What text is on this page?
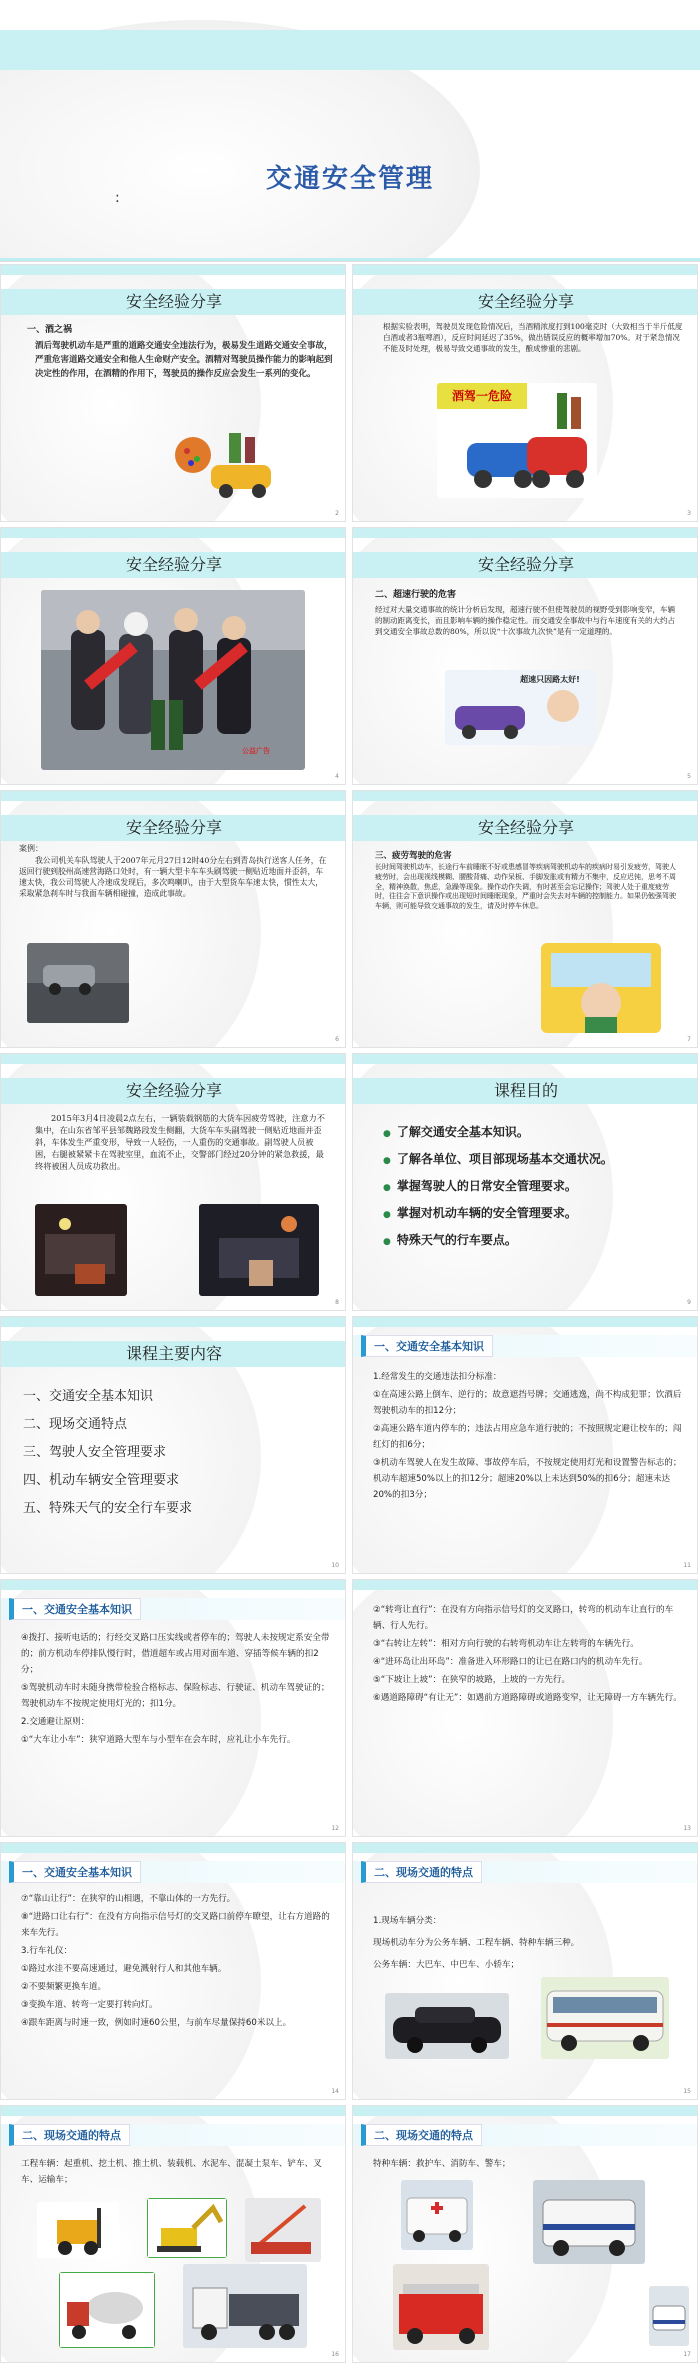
交通安全管理
:
安全经验分享
一、酒之祸
酒后驾驶机动车是严重的道路交通安全违法行为，极易发生道路交通安全事故，严重危害道路交通安全和他人生命财产安全。酒精对驾驶员操作能力的影响起到决定性的作用，在酒精的作用下，驾驶员的操作反应会发生一系列的变化。
2
安全经验分享
根据实验表明，驾驶员发现危险情况后，当酒精浓度打到100毫克时（大致相当于半斤低度白酒或者3瓶啤酒），反应时间延迟了35%，做出错误反应的概率增加70%。对于紧急情况不能及时处理，极易导致交通事故的发生，酿成惨重的悲剧。
酒驾一危险
3
安全经验分享
公益广告
4
安全经验分享
二、超速行驶的危害
经过对大量交通事故的统计分析后发现，超速行驶不但使驾驶员的视野受到影响变窄，车辆的制动距离变长，而且影响车辆的操作稳定性。而交通安全事故中与行车速度有关的大约占到交通安全事故总数的80%，所以说“十次事故九次快”是有一定道理的。
超速只因路太好!
5
安全经验分享
案例：
我公司机关车队驾驶人于2007年元月27日12时40分左右到青岛执行送客人任务，在返回行驶到胶州高速营海路口处时，有一辆大型卡车车头刷驾驶一侧贴近地面并歪斜，车速太快，我公司驾驶人冷速成发现后，多次鸣喇叭，由于大型货车车速太快，惯性太大，采取紧急刹车时与我面车辆相碰撞，造成此事故。
6
安全经验分享
三、疲劳驾驶的危害
长时间驾驶机动车，长途行车前睡眠不好或患感冒等疾病驾驶机动车的疾病时易引发疲劳，驾驶人疲劳时，会出现视线模糊、腰酸背痛、动作呆板、手脚发胀或有精力不集中，反应迟钝，思考不周全，精神涣散，焦虑，急躁等现象。操作动作失调，有时甚至会忘记操作；驾驶人处于重度疲劳时，往往会下意识操作或出现短时间睡眠现象，严重时会失去对车辆的控制能力。如果仍勉强驾驶车辆，则可能导致交通事故的发生，请及时停车休息。
7
安全经验分享
2015年3月4日凌晨2点左右，一辆装载钢筋的大货车因疲劳驾驶，注意力不集中，在山东省邹平县邹魏路段发生侧翻，大货车车头副驾驶一侧贴近地面并歪斜，车体发生严重变形，导致一人轻伤，一人重伤的交通事故。副驾驶人员被困，右腿被紧紧卡在驾驶室里，血流不止，交警部门经过20分钟的紧急救援，最终将被困人员成功救出。
8
课程目的
● 了解交通安全基本知识。
● 了解各单位、项目部现场基本交通状况。
● 掌握驾驶人的日常安全管理要求。
● 掌握对机动车辆的安全管理要求。
● 特殊天气的行车要点。
9
课程主要内容
一、交通安全基本知识
二、现场交通特点
三、驾驶人安全管理要求
四、机动车辆安全管理要求
五、特殊天气的安全行车要求
10
一、交通安全基本知识

1.经常发生的交通违法扣分标准：

①在高速公路上倒车、逆行的；故意遮挡号牌；交通逃逸，尚不构成犯罪；饮酒后驾驶机动车的扣12分；

②高速公路车道内停车的；违法占用应急车道行驶的；不按照规定避让校车的；闯红灯的扣6分；

③机动车驾驶人在发生故障、事故停车后，不按规定使用灯光和设置警告标志的；机动车超速50%以上的扣12分；超速20%以上未达到50%的扣6分；超速未达20%的扣3分；

11
一、交通安全基本知识

④拨打、接听电话的；行经交叉路口压实线或者停车的；驾驶人未按规定系安全带的；前方机动车停排队慢行时，借道超车或占用对面车道、穿插等候车辆的扣2分；

⑤驾驶机动车时未随身携带检验合格标志、保险标志、行驶证、机动车驾驶证的；驾驶机动车不按规定使用灯光的；扣1分。

2.交通避让原则：

①“大车让小车”：狭窄道路大型车与小型车在会车时，应礼让小车先行。

12

②“转弯让直行”：在没有方向指示信号灯的交叉路口，转弯的机动车让直行的车辆、行人先行。

③“右转让左转”：相对方向行驶的右转弯机动车让左转弯的车辆先行。

④“进环岛让出环岛”：准备进入环形路口的让已在路口内的机动车先行。

⑤“下坡让上坡”：在狭窄的坡路，上坡的一方先行。

⑥遇道路障碍“有让无”：如遇前方道路障碍或道路变窄，让无障碍一方车辆先行。

13
一、交通安全基本知识

⑦“靠山让行”：在狭窄的山相遇，不靠山体的一方先行。

⑧“进路口让右行”：在没有方向指示信号灯的交叉路口前停车瞭望，让右方道路的来车先行。

3.行车礼仪：

①路过水洼不要高速通过，避免溅射行人和其他车辆。

②不要频繁更换车道。

③变换车道、转弯一定要打转向灯。

④跟车距离与时速一致，例如时速60公里，与前车尽量保持60米以上。

14
二、现场交通的特点

1.现场车辆分类：

现场机动车分为公务车辆、工程车辆、特种车辆三种。

公务车辆：大巴车、中巴车、小轿车；

15
二、现场交通的特点

工程车辆：起重机、挖土机、推土机、装载机、水泥车、混凝土泵车、铲车、叉车、运输车；

16
二、现场交通的特点

特种车辆：救护车、消防车、警车；

17
